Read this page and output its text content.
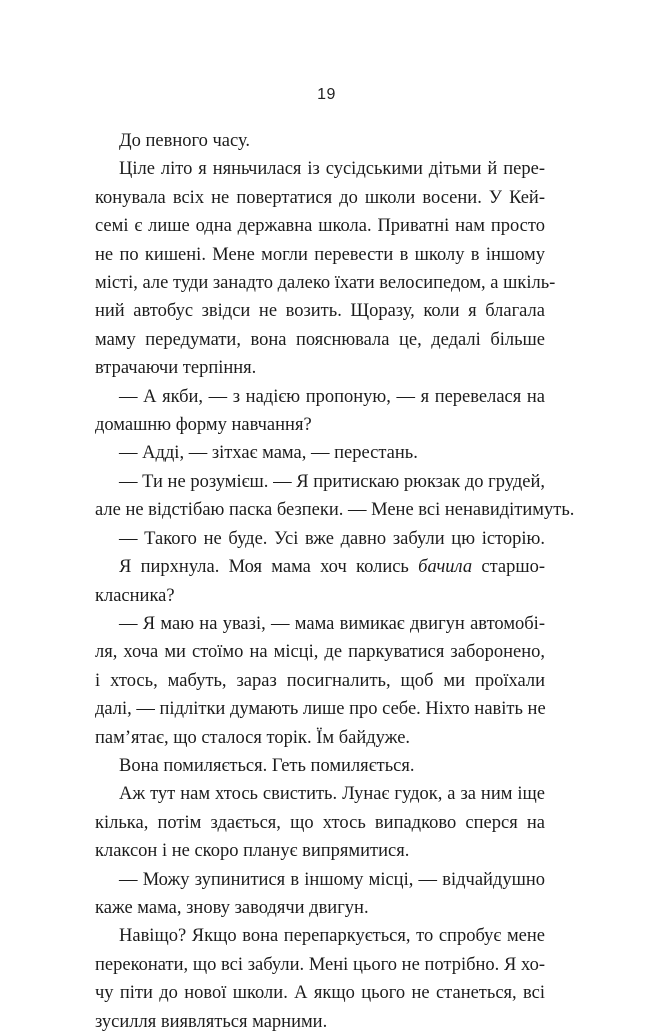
19

До певного часу.

Ціле літо я няньчилася із сусідськими дітьми й пере-
конувала всіх не повертатися до школи восени. У Кей-
семі є лише одна державна школа. Приватні нам просто
не по кишені. Мене могли перевести в школу в іншому
місті, але туди занадто далеко їхати велосипедом, а шкіль-
ний автобус звідси не возить. Щоразу, коли я благала
маму передумати, вона пояснювала це, дедалі більше
втрачаючи терпіння.

— А якби, — з надією пропоную, — я перевелася на
домашню форму навчання?

— Адді, — зітхає мама, — перестань.

— Ти не розумієш. — Я притискаю рюкзак до грудей,
але не відстібаю паска безпеки. — Мене всі ненавидітимуть.

— Такого не буде. Усі вже давно забули цю історію.

Я пирхнула. Моя мама хоч колись бачила старшо-
класника?

— Я маю на увазі, — мама вимикає двигун автомобі-
ля, хоча ми стоїмо на місці, де паркуватися заборонено,
і хтось, мабуть, зараз посигналить, щоб ми проїхали
далі, — підлітки думають лише про себе. Ніхто навіть не
пам’ятає, що сталося торік. Їм байдуже.

Вона помиляється. Геть помиляється.

Аж тут нам хтось свистить. Лунає гудок, а за ним іще
кілька, потім здається, що хтось випадково сперся на
клаксон і не скоро планує випрямитися.

— Можу зупинитися в іншому місці, — відчайдушно
каже мама, знову заводячи двигун.

Навіщо? Якщо вона перепаркується, то спробує мене
переконати, що всі забули. Мені цього не потрібно. Я хо-
чу піти до нової школи. А якщо цього не станеться, всі
зусилля виявляться марними.
